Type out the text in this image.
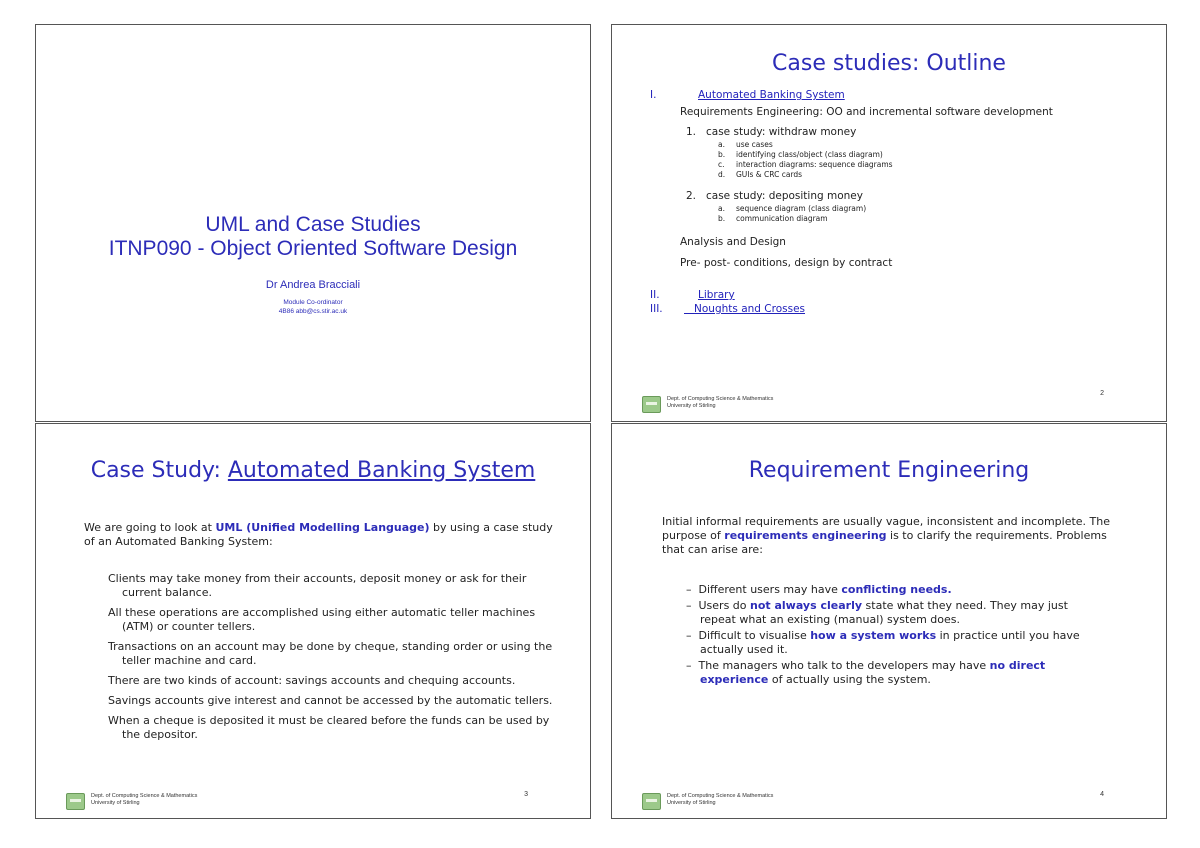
UML and Case Studies
ITNP090 - Object Oriented Software Design
Dr Andrea Bracciali
Module Co-ordinator
4B86 abb@cs.stir.ac.uk
Case studies: Outline
I.	Automated Banking System
Requirements Engineering: OO and incremental software development
1. case study: withdraw money
a. use cases
b. identifying class/object (class diagram)
c. interaction diagrams: sequence diagrams
d. GUIs & CRC cards
2. case study: depositing money
a. sequence diagram (class diagram)
b. communication diagram
Analysis and Design
Pre- post- conditions, design by contract
II.	Library
III.	Noughts and Crosses
Dept. of Computing Science & Mathematics
University of Stirling
2
Case Study: Automated Banking System
We are going to look at UML (Unified Modelling Language) by using a case study of an Automated Banking System:

Clients may take money from their accounts, deposit money or ask for their current balance.

All these operations are accomplished using either automatic teller machines (ATM) or counter tellers.

Transactions on an account may be done by cheque, standing order or using the teller machine and card.

There are two kinds of account: savings accounts and chequing accounts.

Savings accounts give interest and cannot be accessed by the automatic tellers.

When a cheque is deposited it must be cleared before the funds can be used by the depositor.

Dept. of Computing Science & Mathematics
University of Stirling
3
Requirement Engineering
Initial informal requirements are usually vague, inconsistent and incomplete. The purpose of requirements engineering is to clarify the requirements. Problems that can arise are:

– Different users may have conflicting needs.

– Users do not always clearly state what they need. They may just repeat what an existing (manual) system does.

– Difficult to visualise how a system works in practice until you have actually used it.

– The managers who talk to the developers may have no direct experience of actually using the system.

Dept. of Computing Science & Mathematics
University of Stirling
4
